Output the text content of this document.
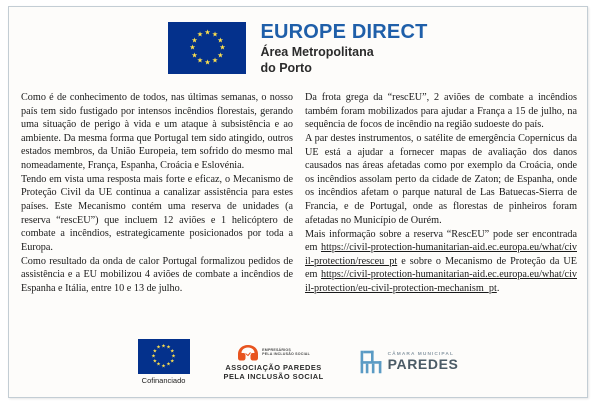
★ ★
★
★
★
★
★
★
★
★
★
★	EUROPE DIRECT
Área Metropolitana
do Porto

Como é de conhecimento de todos, nas últimas semanas, o nosso país tem sido fustigado por intensos incêndios florestais, gerando uma situação de perigo à vida e um ataque à subsistência e ao ambiente. Da mesma forma que Portugal tem sido atingido, outros estados membros, da União Europeia, tem sofrido do mesmo mal nomeadamente, França, Espanha, Croácia e Eslovénia.

Tendo em vista uma resposta mais forte e eficaz, o Mecanismo de Proteção Civil da UE continua a canalizar assistência para estes países. Este Mecanismo contém uma reserva de unidades (a reserva “rescEU”) que incluem 12 aviões e 1 helicóptero de combate a incêndios, estrategicamente posicionados por toda a Europa.

Como resultado da onda de calor Portugal formalizou pedidos de assistência e a EU mobilizou 4 aviões de combate a incêndios de Espanha e Itália, entre 10 e 13 de julho.

Da frota grega da “rescEU”, 2 aviões de combate a incêndios também foram mobilizados para ajudar a França a 15 de julho, na sequência de focos de incêndio na região sudoeste do país.

A par destes instrumentos, o satélite de emergência Copernicus da UE está a ajudar a fornecer mapas de avaliação dos danos causados nas áreas afetadas como por exemplo da Croácia, onde os incêndios assolam perto da cidade de Zaton; de Espanha, onde os incêndios afetam o parque natural de Las Batuecas-Sierra de Francia, e de Portugal, onde as florestas de pinheiros foram afetadas no Município de Ourém.

Mais informação sobre a reserva “RescEU” pode ser encontrada em https://civil-protection-humanitarian-aid.ec.europa.eu/what/civil-protection/resceu_pt e sobre o Mecanismo de Proteção da UE em https://civil-protection-humanitarian-aid.ec.europa.eu/what/civil-protection/eu-civil-protection-mechanism_pt.

★ ★
★
★
★
★
★
★
★
★
★
★
Cofinanciado
EMPRESÁRIOS
PELA INCLUSÃO SOCIAL
ASSOCIAÇÃO PAREDES
PELA INCLUSÃO SOCIAL
CÂMARA MUNICIPAL
PAREDES
